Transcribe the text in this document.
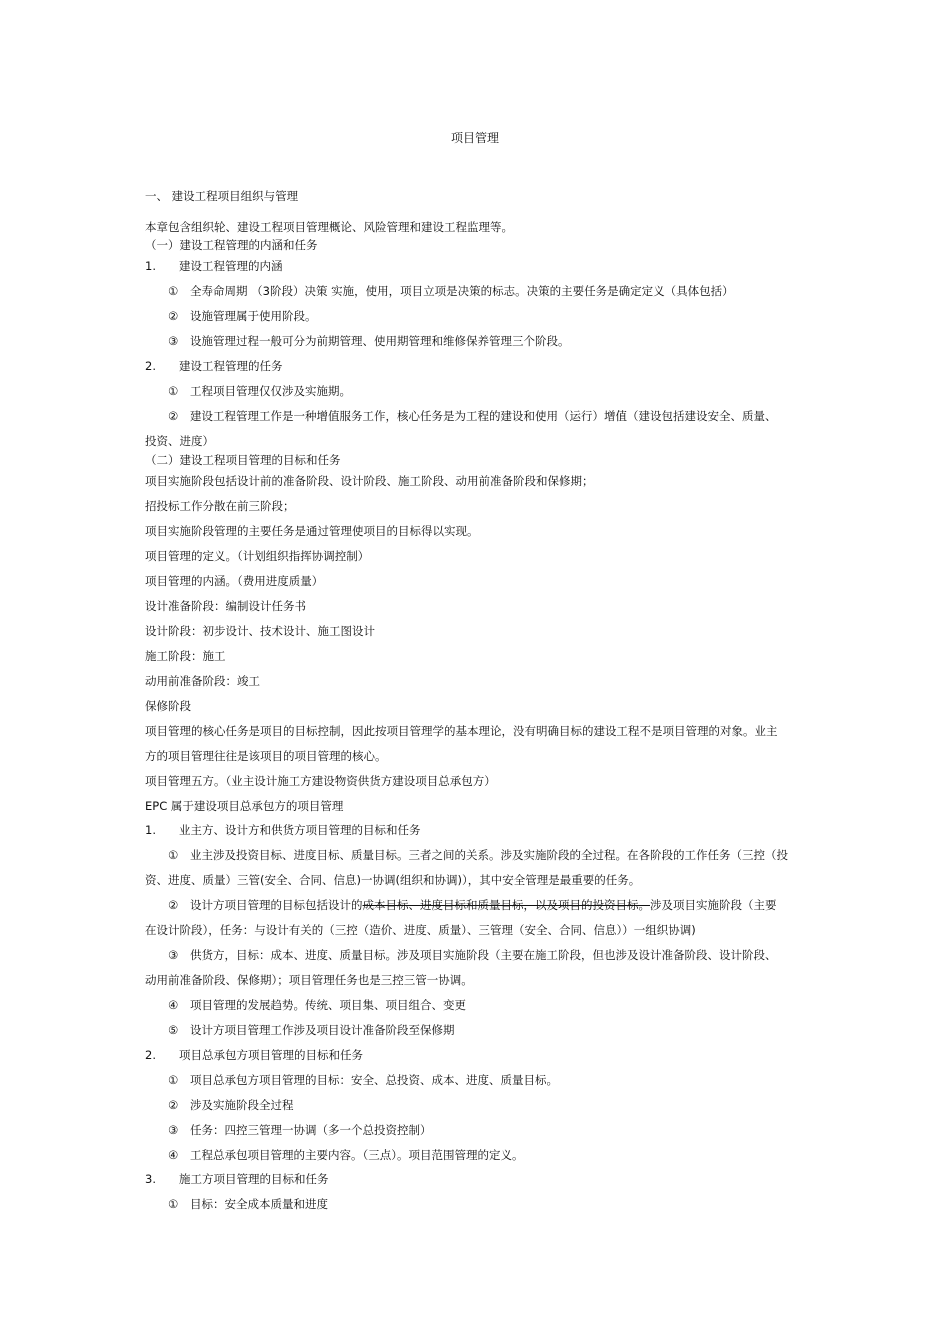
项目管理
一、 建设工程项目组织与管理
本章包含组织轮、建设工程项目管理概论、风险管理和建设工程监理等。
（一）建设工程管理的内涵和任务
1. 建设工程管理的内涵
① 全寿命周期 （3阶段）决策 实施，使用，项目立项是决策的标志。决策的主要任务是确定定义（具体包括）
② 设施管理属于使用阶段。
③ 设施管理过程一般可分为前期管理、使用期管理和维修保养管理三个阶段。
2. 建设工程管理的任务
① 工程项目管理仅仅涉及实施期。
② 建设工程管理工作是一种增值服务工作，核心任务是为工程的建设和使用（运行）增值（建设包括建设安全、质量、
投资、进度）
（二）建设工程项目管理的目标和任务
项目实施阶段包括设计前的准备阶段、设计阶段、施工阶段、动用前准备阶段和保修期；
招投标工作分散在前三阶段；
项目实施阶段管理的主要任务是通过管理使项目的目标得以实现。
项目管理的定义。（计划组织指挥协调控制）
项目管理的内涵。（费用进度质量）
设计准备阶段：编制设计任务书
设计阶段：初步设计、技术设计、施工图设计
施工阶段：施工
动用前准备阶段：竣工
保修阶段
项目管理的核心任务是项目的目标控制，因此按项目管理学的基本理论，没有明确目标的建设工程不是项目管理的对象。业主
方的项目管理往往是该项目的项目管理的核心。
项目管理五方。（业主设计施工方建设物资供货方建设项目总承包方）
EPC 属于建设项目总承包方的项目管理
1. 业主方、设计方和供货方项目管理的目标和任务
① 业主涉及投资目标、进度目标、质量目标。三者之间的关系。涉及实施阶段的全过程。在各阶段的工作任务（三控（投
资、进度、质量）三管(安全、合同、信息)一协调(组织和协调)），其中安全管理是最重要的任务。
② 设计方项目管理的目标包括设计的成本目标、进度目标和质量目标，以及项目的投资目标。涉及项目实施阶段（主要
在设计阶段），任务：与设计有关的（三控（造价、进度、质量）、三管理（安全、合同、信息））一组织协调)
③ 供货方，目标：成本、进度、质量目标。涉及项目实施阶段（主要在施工阶段，但也涉及设计准备阶段、设计阶段、
动用前准备阶段、保修期）；项目管理任务也是三控三管一协调。
④ 项目管理的发展趋势。传统、项目集、项目组合、变更
⑤ 设计方项目管理工作涉及项目设计准备阶段至保修期
2. 项目总承包方项目管理的目标和任务
① 项目总承包方项目管理的目标：安全、总投资、成本、进度、质量目标。
② 涉及实施阶段全过程
③ 任务：四控三管理一协调（多一个总投资控制）
④ 工程总承包项目管理的主要内容。（三点）。项目范围管理的定义。
3. 施工方项目管理的目标和任务
① 目标：安全成本质量和进度
